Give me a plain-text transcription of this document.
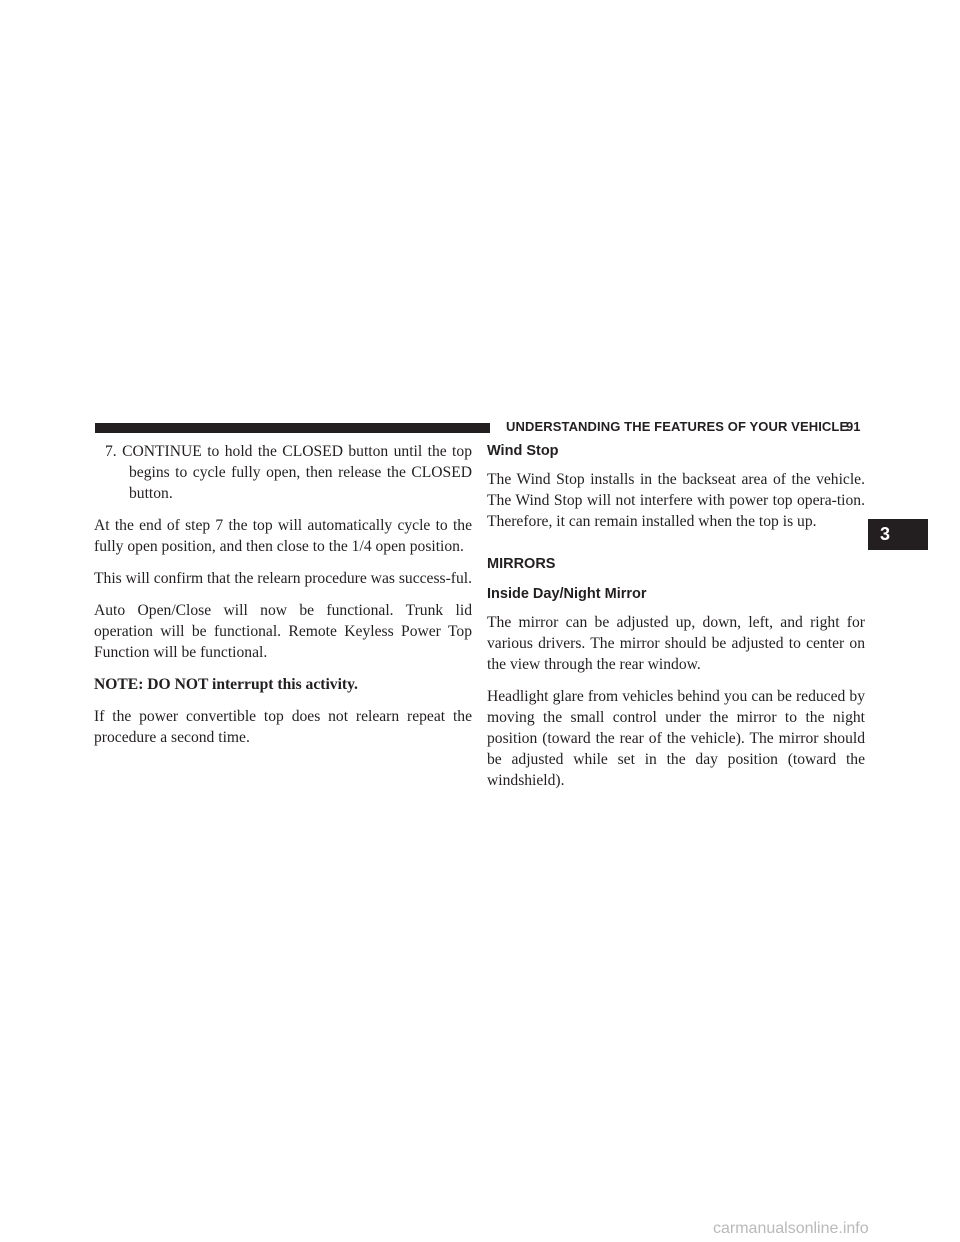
UNDERSTANDING THE FEATURES OF YOUR VEHICLE
91
3

7. CONTINUE to hold the CLOSED button until the top begins to cycle fully open, then release the CLOSED button.

At the end of step 7 the top will automatically cycle to the fully open position, and then close to the 1/4 open position.

This will confirm that the relearn procedure was success-ful.

Auto Open/Close will now be functional. Trunk lid operation will be functional. Remote Keyless Power Top Function will be functional.

NOTE: DO NOT interrupt this activity.

If the power convertible top does not relearn repeat the procedure a second time.

Wind Stop

The Wind Stop installs in the backseat area of the vehicle. The Wind Stop will not interfere with power top opera-tion. Therefore, it can remain installed when the top is up.

MIRRORS
Inside Day/Night Mirror

The mirror can be adjusted up, down, left, and right for various drivers. The mirror should be adjusted to center on the view through the rear window.

Headlight glare from vehicles behind you can be reduced by moving the small control under the mirror to the night position (toward the rear of the vehicle). The mirror should be adjusted while set in the day position (toward the windshield).

carmanualsonline.info
